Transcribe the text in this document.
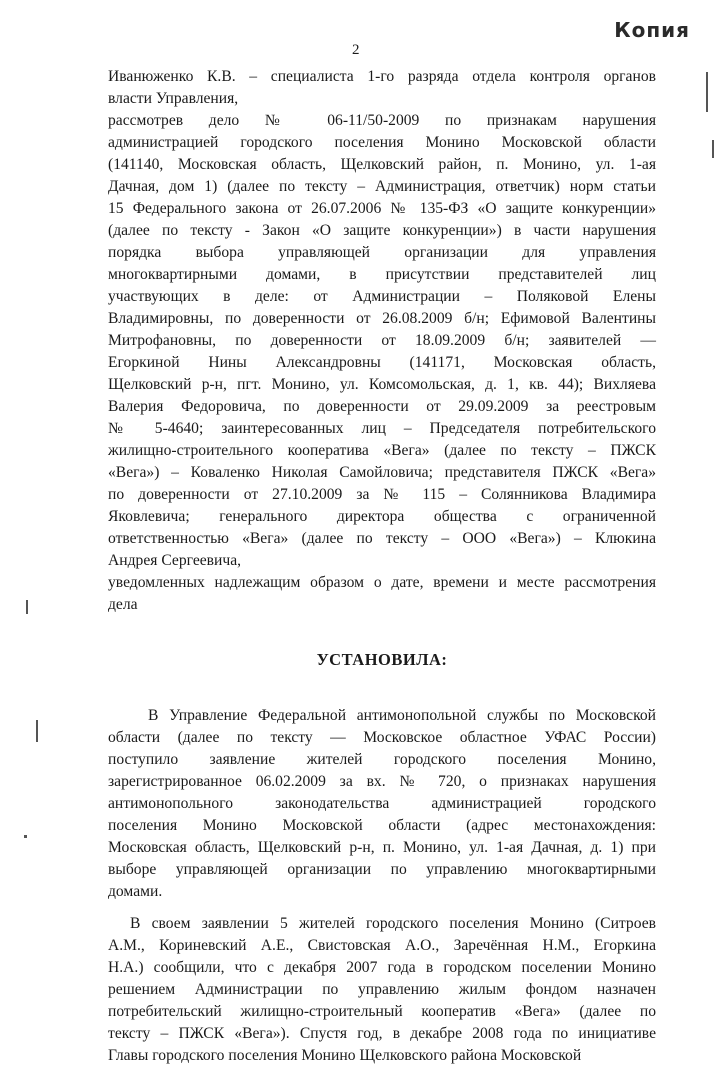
Копия
2
Иванюженко К.В. – специалиста 1-го разряда отдела контроля органов
власти Управления,
рассмотрев дело № 06-11/50-2009 по признакам нарушения
администрацией городского поселения Монино Московской области
(141140, Московская область, Щелковский район, п. Монино, ул. 1-ая
Дачная, дом 1) (далее по тексту – Администрация, ответчик) норм статьи
15 Федерального закона от 26.07.2006 № 135-ФЗ «О защите конкуренции»
(далее по тексту - Закон «О защите конкуренции») в части нарушения
порядка выбора управляющей организации для управления
многоквартирными домами, в присутствии представителей лиц
участвующих в деле: от Администрации – Поляковой Елены
Владимировны, по доверенности от 26.08.2009 б/н; Ефимовой Валентины
Митрофановны, по доверенности от 18.09.2009 б/н; заявителей —
Егоркиной Нины Александровны (141171, Московская область,
Щелковский р-н, пгт. Монино, ул. Комсомольская, д. 1, кв. 44); Вихляева
Валерия Федоровича, по доверенности от 29.09.2009 за реестровым
№ 5-4640; заинтересованных лиц – Председателя потребительского
жилищно-строительного кооператива «Вега» (далее по тексту – ПЖСК
«Вега») – Коваленко Николая Самойловича; представителя ПЖСК «Вега»
по доверенности от 27.10.2009 за № 115 – Солянникова Владимира
Яковлевича; генерального директора общества с ограниченной
ответственностью «Вега» (далее по тексту – ООО «Вега») – Клюкина
Андрея Сергеевича,
уведомленных надлежащим образом о дате, времени и месте рассмотрения
дела
УСТАНОВИЛА:
В Управление Федеральной антимонопольной службы по Московской
области (далее по тексту — Московское областное УФАС России)
поступило заявление жителей городского поселения Монино,
зарегистрированное 06.02.2009 за вх. № 720, о признаках нарушения
антимонопольного законодательства администрацией городского
поселения Монино Московской области (адрес местонахождения:
Московская область, Щелковский р-н, п. Монино, ул. 1-ая Дачная, д. 1) при
выборе управляющей организации по управлению многоквартирными
домами.
В своем заявлении 5 жителей городского поселения Монино (Ситроев
А.М., Кориневский А.Е., Свистовская А.О., Заречённая Н.М., Егоркина
Н.А.) сообщили, что с декабря 2007 года в городском поселении Монино
решением Администрации по управлению жилым фондом назначен
потребительский жилищно-строительный кооператив «Вега» (далее по
тексту – ПЖСК «Вега»). Спустя год, в декабре 2008 года по инициативе
Главы городского поселения Монино Щелковского района Московской
